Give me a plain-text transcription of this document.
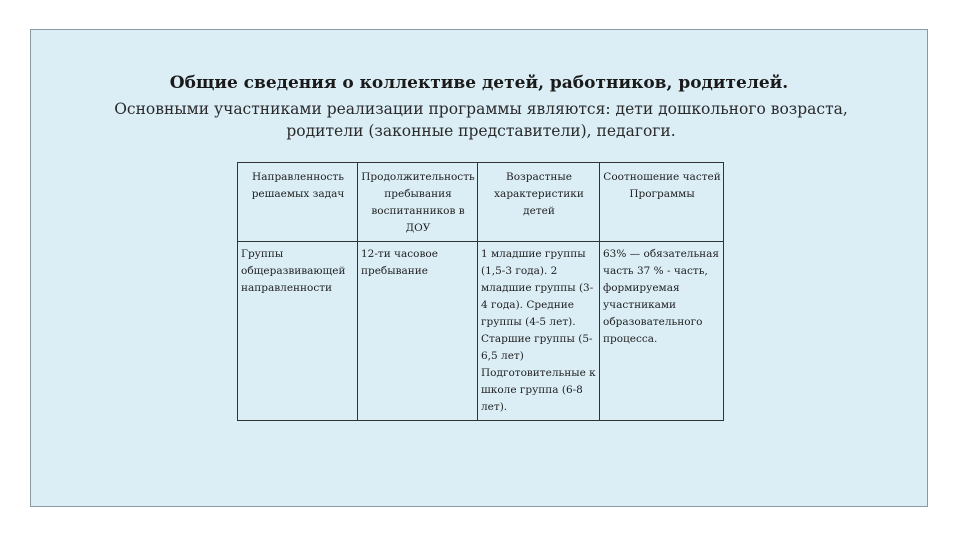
Общие сведения о коллективе детей, работников, родителей.
Основными участниками реализации программы являются: дети дошкольного возраста, родители (законные представители), педагоги.
Направленность решаемых задач	Продолжительность пребывания воспитанников в ДОУ	Возрастные характеристики детей	Соотношение частей Программы
Группы общеразвивающей направленности	12-ти часовое пребывание	1 младшие группы (1,5-3 года). 2 младшие группы (3-4 года). Средние группы (4-5 лет). Старшие группы (5-6,5 лет) Подготовительные к школе группа (6-8 лет).	63% — обязательная часть 37 % - часть, формируемая участниками образовательного процесса.
